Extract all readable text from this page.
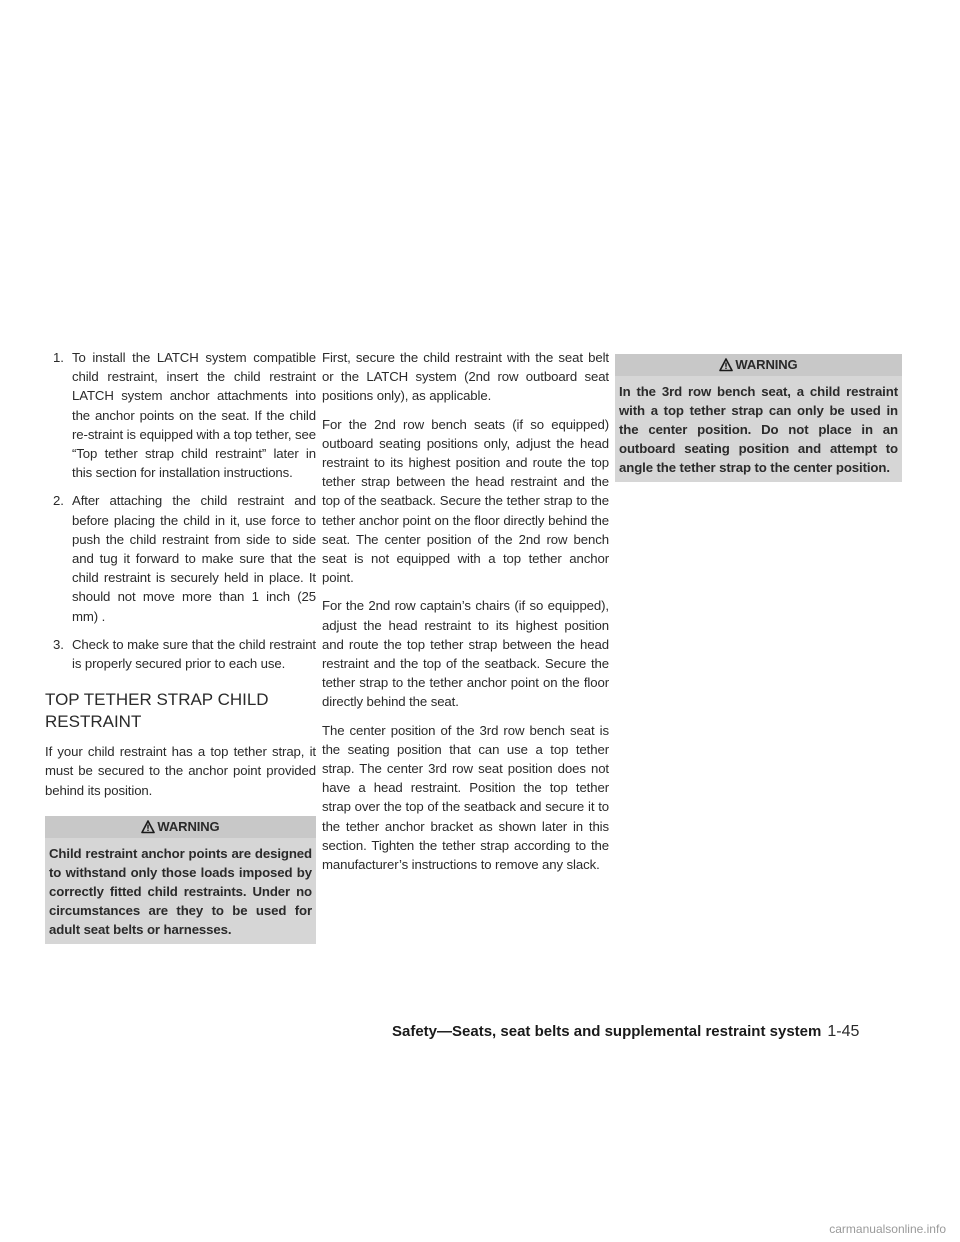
1. To install the LATCH system compatible child restraint, insert the child restraint LATCH system anchor attachments into the anchor points on the seat. If the child re-straint is equipped with a top tether, see “Top tether strap child restraint” later in this section for installation instructions.
2. After attaching the child restraint and before placing the child in it, use force to push the child restraint from side to side and tug it forward to make sure that the child restraint is securely held in place. It should not move more than 1 inch (25 mm) .
3. Check to make sure that the child restraint is properly secured prior to each use.
TOP TETHER STRAP CHILD
RESTRAINT

If your child restraint has a top tether strap, it must be secured to the anchor point provided behind its position.

WARNING
Child restraint anchor points are designed to withstand only those loads imposed by correctly fitted child restraints. Under no circumstances are they to be used for adult seat belts or harnesses.

First, secure the child restraint with the seat belt or the LATCH system (2nd row outboard seat positions only), as applicable.

For the 2nd row bench seats (if so equipped) outboard seating positions only, adjust the head restraint to its highest position and route the top tether strap between the head restraint and the top of the seatback. Secure the tether strap to the tether anchor point on the floor directly behind the seat. The center position of the 2nd row bench seat is not equipped with a top tether anchor point.

For the 2nd row captain’s chairs (if so equipped), adjust the head restraint to its highest position and route the top tether strap between the head restraint and the top of the seatback. Secure the tether strap to the tether anchor point on the floor directly behind the seat.

The center position of the 3rd row bench seat is the seating position that can use a top tether strap. The center 3rd row seat position does not have a head restraint. Position the top tether strap over the top of the seatback and secure it to the tether anchor bracket as shown later in this section. Tighten the tether strap according to the manufacturer’s instructions to remove any slack.

WARNING
In the 3rd row bench seat, a child restraint with a top tether strap can only be used in the center position. Do not place in an outboard seating position and attempt to angle the tether strap to the center position.
Safety—Seats, seat belts and supplemental restraint system 1-45
carmanualsonline.info
